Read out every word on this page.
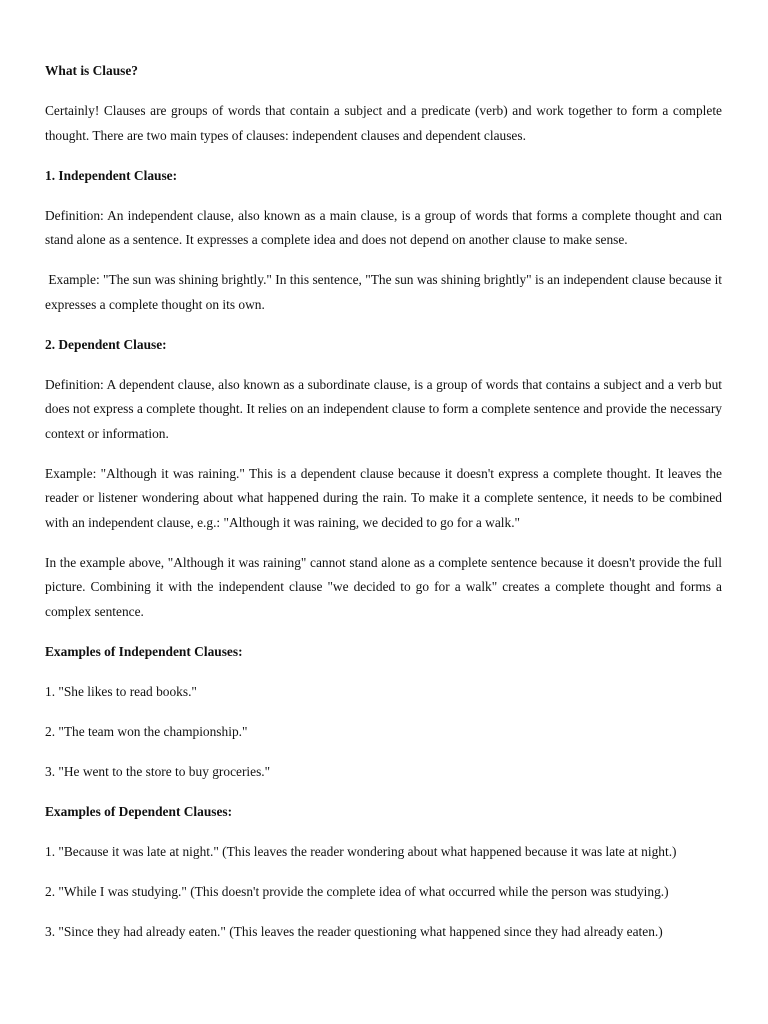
What is Clause?

Certainly! Clauses are groups of words that contain a subject and a predicate (verb) and work together to form a complete thought. There are two main types of clauses: independent clauses and dependent clauses.

1. Independent Clause:

Definition: An independent clause, also known as a main clause, is a group of words that forms a complete thought and can stand alone as a sentence. It expresses a complete idea and does not depend on another clause to make sense.

Example: "The sun was shining brightly." In this sentence, "The sun was shining brightly" is an independent clause because it expresses a complete thought on its own.

2. Dependent Clause:

Definition: A dependent clause, also known as a subordinate clause, is a group of words that contains a subject and a verb but does not express a complete thought. It relies on an independent clause to form a complete sentence and provide the necessary context or information.

Example: "Although it was raining." This is a dependent clause because it doesn't express a complete thought. It leaves the reader or listener wondering about what happened during the rain. To make it a complete sentence, it needs to be combined with an independent clause, e.g.: "Although it was raining, we decided to go for a walk."

In the example above, "Although it was raining" cannot stand alone as a complete sentence because it doesn't provide the full picture. Combining it with the independent clause "we decided to go for a walk" creates a complete thought and forms a complex sentence.

Examples of Independent Clauses:

1. "She likes to read books."

2. "The team won the championship."

3. "He went to the store to buy groceries."

Examples of Dependent Clauses:

1. "Because it was late at night." (This leaves the reader wondering about what happened because it was late at night.)

2. "While I was studying." (This doesn't provide the complete idea of what occurred while the person was studying.)

3. "Since they had already eaten." (This leaves the reader questioning what happened since they had already eaten.)
